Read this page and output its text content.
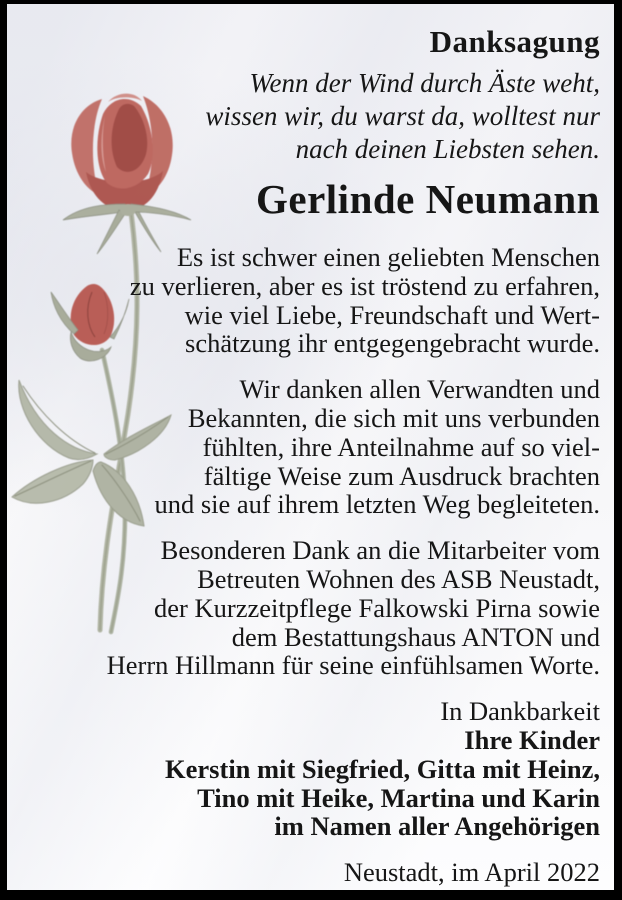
Danksagung
Wenn der Wind durch Äste weht,
wissen wir, du warst da, wolltest nur
nach deinen Liebsten sehen.
Gerlinde Neumann
Es ist schwer einen geliebten Menschen
zu verlieren, aber es ist tröstend zu erfahren,
wie viel Liebe, Freundschaft und Wert-
schätzung ihr entgegengebracht wurde.
Wir danken allen Verwandten und
Bekannten, die sich mit uns verbunden
fühlten, ihre Anteilnahme auf so viel-
fältige Weise zum Ausdruck brachten
und sie auf ihrem letzten Weg begleiteten.
Besonderen Dank an die Mitarbeiter vom
Betreuten Wohnen des ASB Neustadt,
der Kurzzeitpflege Falkowski Pirna sowie
dem Bestattungshaus ANTON und
Herrn Hillmann für seine einfühlsamen Worte.
In Dankbarkeit
Ihre Kinder
Kerstin mit Siegfried, Gitta mit Heinz,
Tino mit Heike, Martina und Karin
im Namen aller Angehörigen
Neustadt, im April 2022
